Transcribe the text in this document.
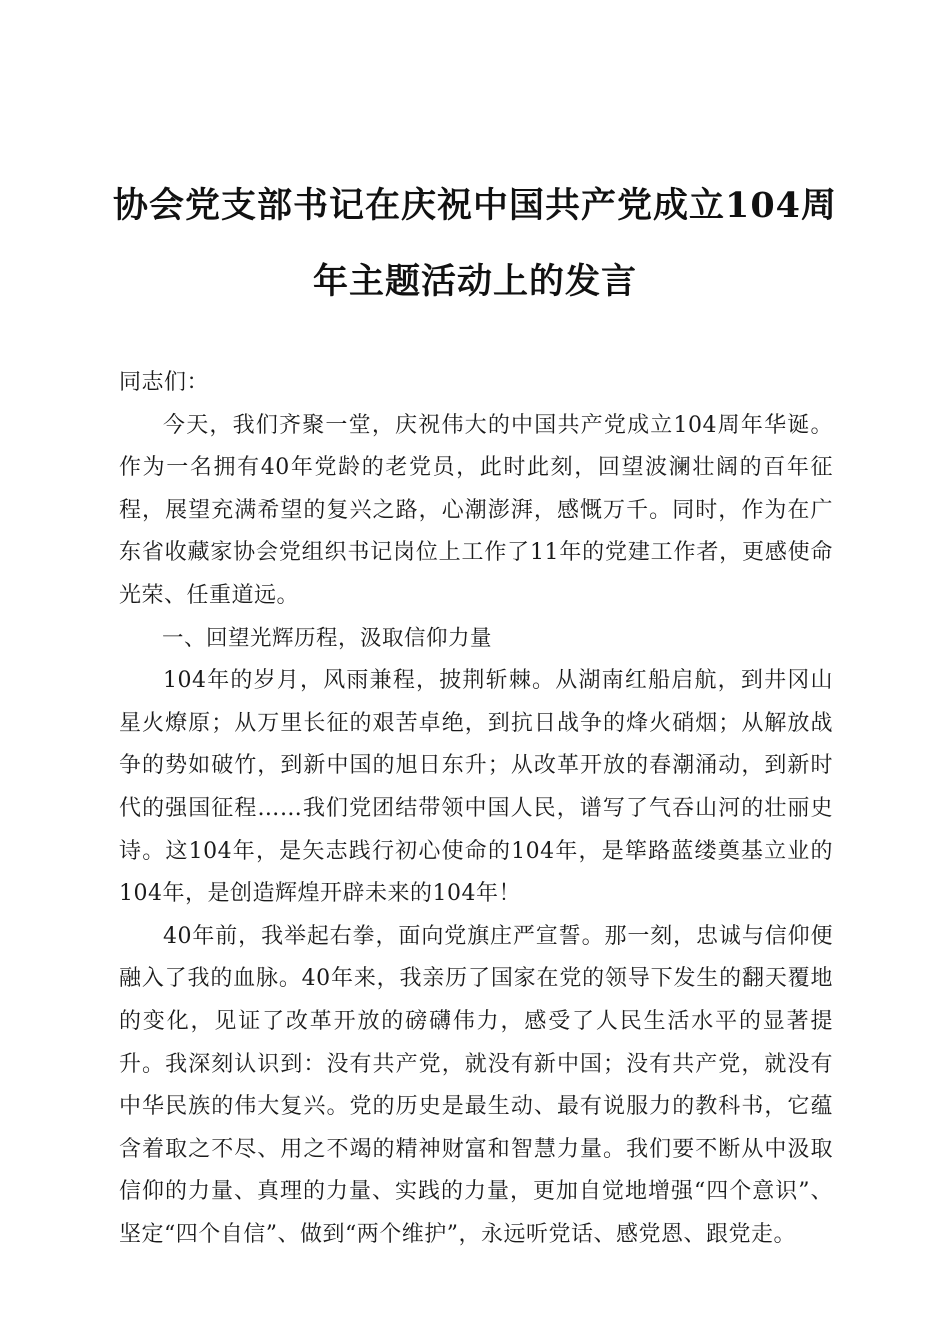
协会党支部书记在庆祝中国共产党成立104周年主题活动上的发言

同志们：

今天，我们齐聚一堂，庆祝伟大的中国共产党成立104周年华诞。作为一名拥有40年党龄的老党员，此时此刻，回望波澜壮阔的百年征程，展望充满希望的复兴之路，心潮澎湃，感慨万千。同时，作为在广东省收藏家协会党组织书记岗位上工作了11年的党建工作者，更感使命光荣、任重道远。

一、回望光辉历程，汲取信仰力量

104年的岁月，风雨兼程，披荆斩棘。从湖南红船启航，到井冈山星火燎原；从万里长征的艰苦卓绝，到抗日战争的烽火硝烟；从解放战争的势如破竹，到新中国的旭日东升；从改革开放的春潮涌动，到新时代的强国征程……我们党团结带领中国人民，谱写了气吞山河的壮丽史诗。这104年，是矢志践行初心使命的104年，是筚路蓝缕奠基立业的104年，是创造辉煌开辟未来的104年！

40年前，我举起右拳，面向党旗庄严宣誓。那一刻，忠诚与信仰便融入了我的血脉。40年来，我亲历了国家在党的领导下发生的翻天覆地的变化，见证了改革开放的磅礴伟力，感受了人民生活水平的显著提升。我深刻认识到：没有共产党，就没有新中国；没有共产党，就没有中华民族的伟大复兴。党的历史是最生动、最有说服力的教科书，它蕴含着取之不尽、用之不竭的精神财富和智慧力量。我们要不断从中汲取信仰的力量、真理的力量、实践的力量，更加自觉地增强“四个意识”、坚定“四个自信”、做到“两个维护”，永远听党话、感党恩、跟党走。
